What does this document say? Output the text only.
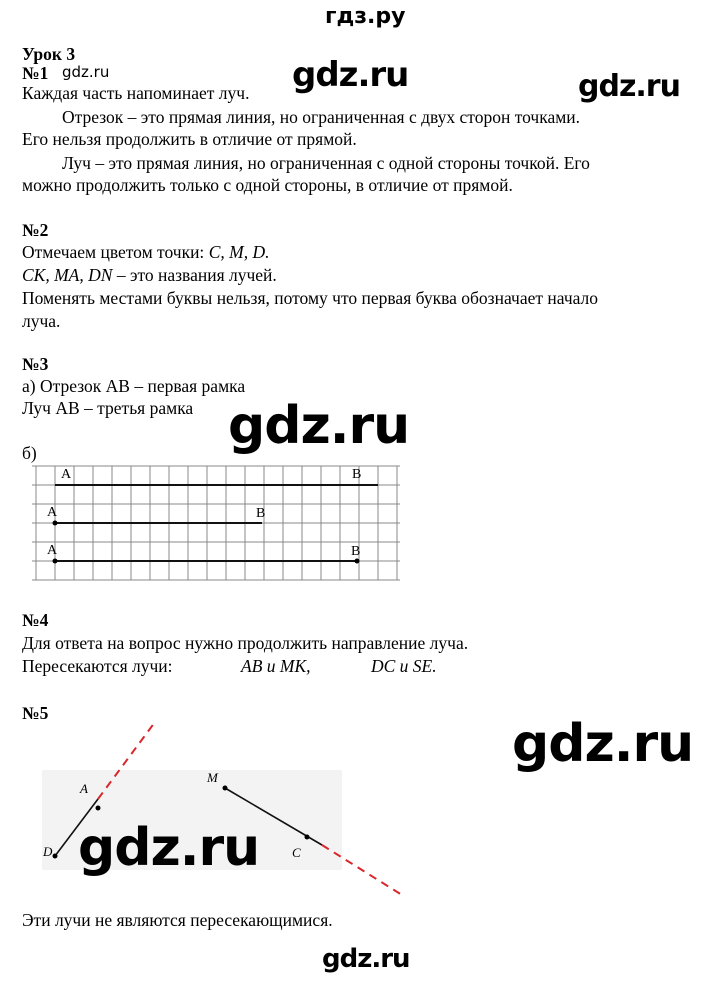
гдз.ру
Урок 3
№1
Каждая часть напоминает луч.
Отрезок – это прямая линия, но ограниченная с двух сторон точками.
Его нельзя продолжить в отличие от прямой.
Луч – это прямая линия, но ограниченная с одной стороны точкой. Его
можно продолжить только с одной стороны, в отличие от прямой.
№2
Отмечаем цветом точки: C, M, D.
CK, MA, DN – это названия лучей.
Поменять местами буквы нельзя, потому что первая буква обозначает начало
луча.
№3
а) Отрезок АВ – первая рамка
Луч АВ – третья рамка
б)
A	B
A	B
A	B
№4
Для ответа на вопрос нужно продолжить направление луча.
Пересекаются лучи:	AB и MK,	DC и SE.
№5
A
D
M
C
Эти лучи не являются пересекающимися.
gdz.ru	gdz.ru	gdz.ru
gdz.ru
gdz.ru
gdz.ru
gdz.ru
